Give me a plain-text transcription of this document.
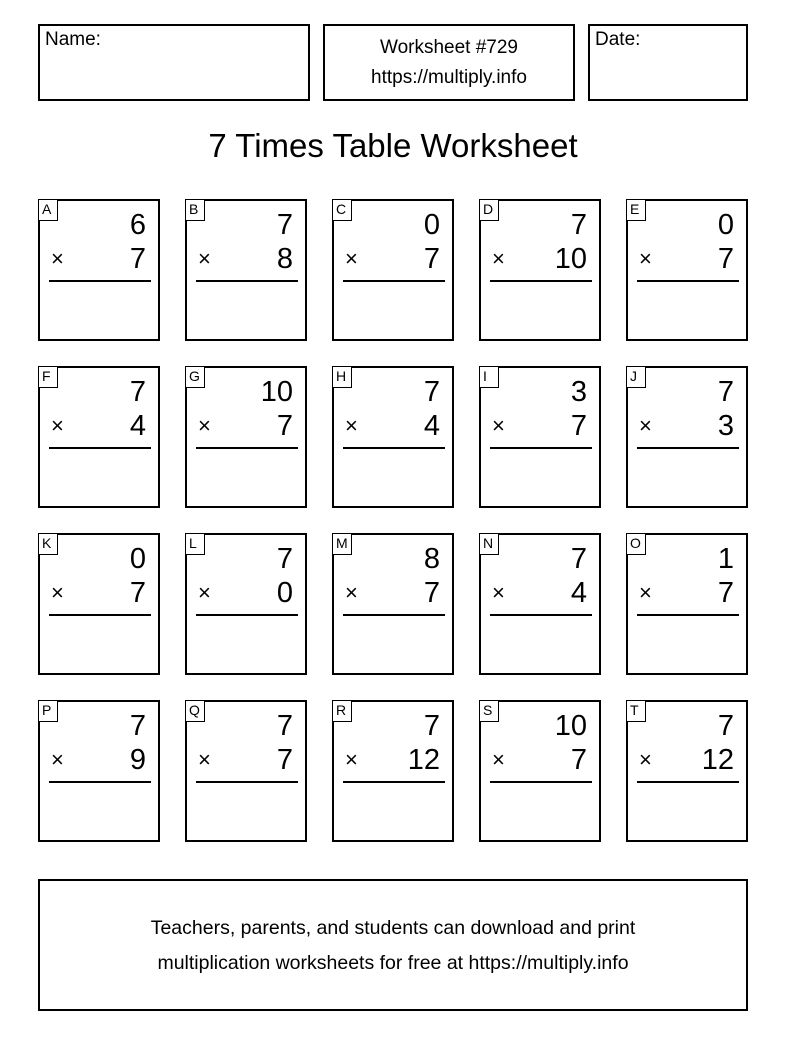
Name:	Worksheet #729
https://multiply.info
Date:
7 Times Table Worksheet
A	6
× 7
B	7
× 8
C	0
× 7
D	7
× 10
E	0
× 7
F	7
× 4
G 10
× 7
H	7
× 4
I	3
× 7
J	7
× 3
K	0
× 7
L	7
× 0
M	8
× 7
N	7
× 4
O	1
× 7
P	7
× 9
Q	7
× 7
R	7
× 12
S 10
× 7
T	7
× 12
Teachers, parents, and students can download and print
multiplication worksheets for free at https://multiply.info
